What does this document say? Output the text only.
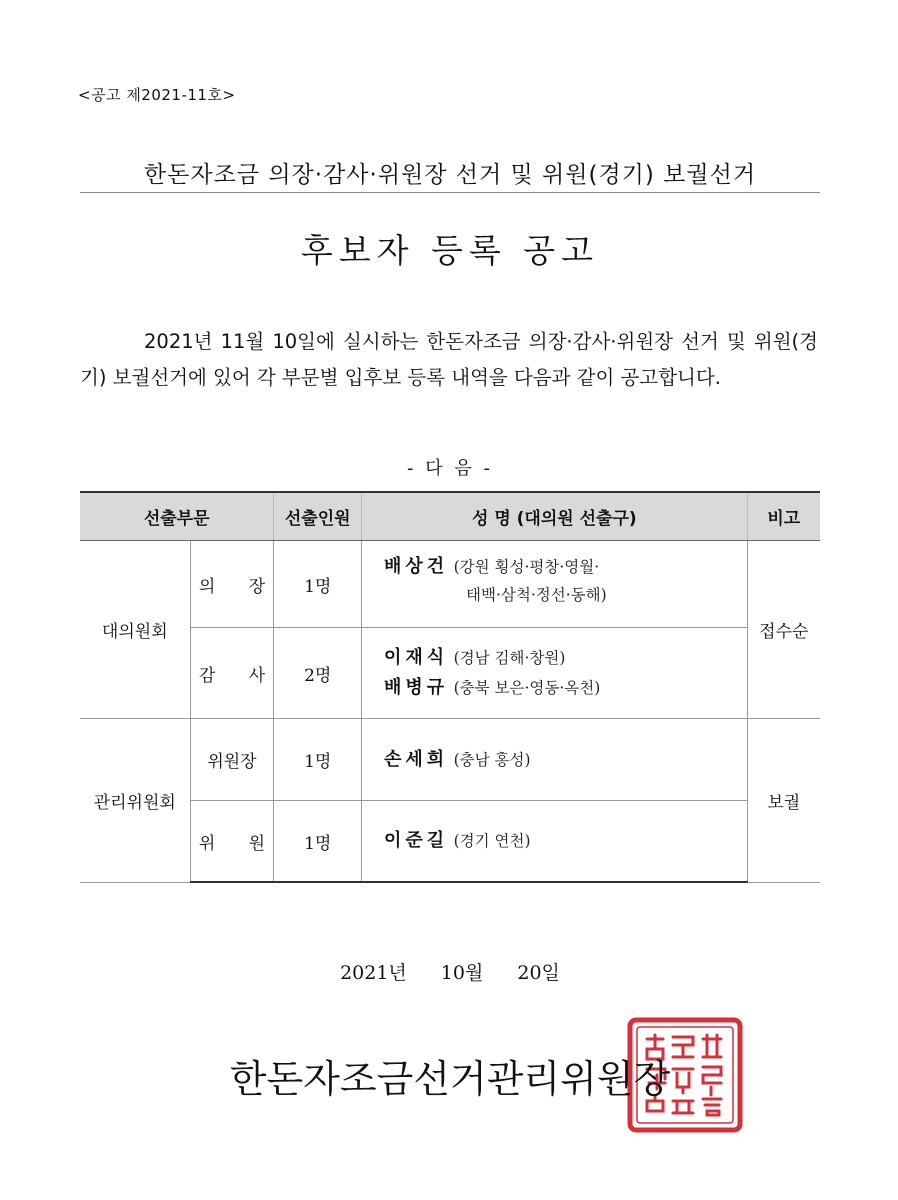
<공고 제2021-11호>
한돈자조금 의장·감사·위원장 선거 및 위원(경기) 보궐선거
후보자 등록 공고
2021년 11월 10일에 실시하는 한돈자조금 의장·감사·위원장 선거 및 위원(경기) 보궐선거에 있어 각 부문별 입후보 등록 내역을 다음과 같이 공고합니다.
- 다 음 -
선출부문		선출인원	성 명 (대의원 선출구)	비고
대의원회	의 장	1명	배상건 (강원 횡성·평창·영월·
태백·삼척·정선·동해)	접수순
	감 사	2명	이재식 (경남 김해·창원)
배병규 (충북 보은·영동·옥천)	

관리위원회	위원장	1명	손세희 (충남 홍성)	보궐
	위 원	1명	이준길 (경기 연천)	
2021년 10월 20일
한돈자조금선거관리위원장
